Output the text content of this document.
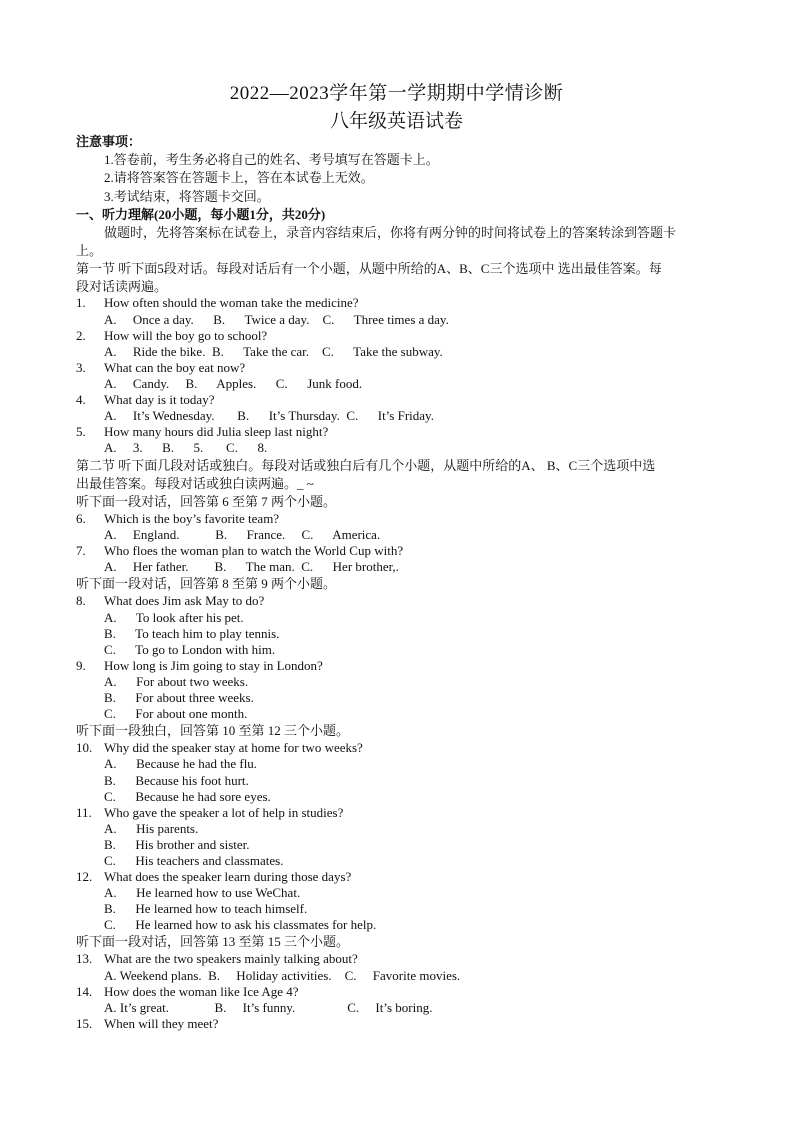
2022—2023学年第一学期期中学情诊断
八年级英语试卷
注意事项：
1.答卷前，考生务必将自己的姓名、考号填写在答题卡上。
2.请将答案答在答题卡上，答在本试卷上无效。
3.考试结束，将答题卡交回。
一、听力理解(20小题，每小题1分，共20分)
做题时，先将答案标在试卷上，录音内容结束后，你将有两分钟的时间将试卷上的答案转涂到答题卡
上。
第一节 听下面5段对话。每段对话后有一个小题，从题中所给的A、B、C三个选项中 选出最佳答案。每
段对话读两遍。
1. How often should the woman take the medicine?
A.     Once a day.      B.      Twice a day.    C.      Three times a day.
2. How will the boy go to school?
A.     Ride the bike.  B.      Take the car.    C.      Take the subway.
3. What can the boy eat now?
A.     Candy.     B.      Apples.      C.      Junk food.
4. What day is it today?
A.     It’s Wednesday.       B.      It’s Thursday.  C.      It’s Friday.
5. How many hours did Julia sleep last night?
A.     3.      B.      5.       C.      8.
第二节 听下面几段对话或独白。每段对话或独白后有几个小题，从题中所给的A、 B、C三个选项中选
出最佳答案。每段对话或独白读两遍。_ ~
听下面一段对话，回答第 6 至第 7 两个小题。
6. Which is the boy’s favorite team?
A.     England.           B.      France.     C.      America.
7. Who floes the woman plan to watch the World Cup with?
A.     Her father.        B.      The man.  C.      Her brother,.
听下面一段对话，回答第 8 至第 9 两个小题。
8. What does Jim ask May to do?
A.      To look after his pet.
B.      To teach him to play tennis.
C.      To go to London with him.
9. How long is Jim going to stay in London?
A.      For about two weeks.
B.      For about three weeks.
C.      For about one month.
听下面一段独白，回答第 10 至第 12 三个小题。
10. Why did the speaker stay at home for two weeks?
A.      Because he had the flu.
B.      Because his foot hurt.
C.      Because he had sore eyes.
11. Who gave the speaker a lot of help in studies?
A.      His parents.
B.      His brother and sister.
C.      His teachers and classmates.
12. What does the speaker learn during those days?
A.      He learned how to use WeChat.
B.      He learned how to teach himself.
C.      He learned how to ask his classmates for help.
听下面一段对话，回答第 13 至第 15 三个小题。
13. What are the two speakers mainly talking about?
A. Weekend plans.  B.     Holiday activities.    C.     Favorite movies.
14. How does the woman like Ice Age 4?
A. It’s great.              B.     It’s funny.                C.     It’s boring.
15. When will they meet?
